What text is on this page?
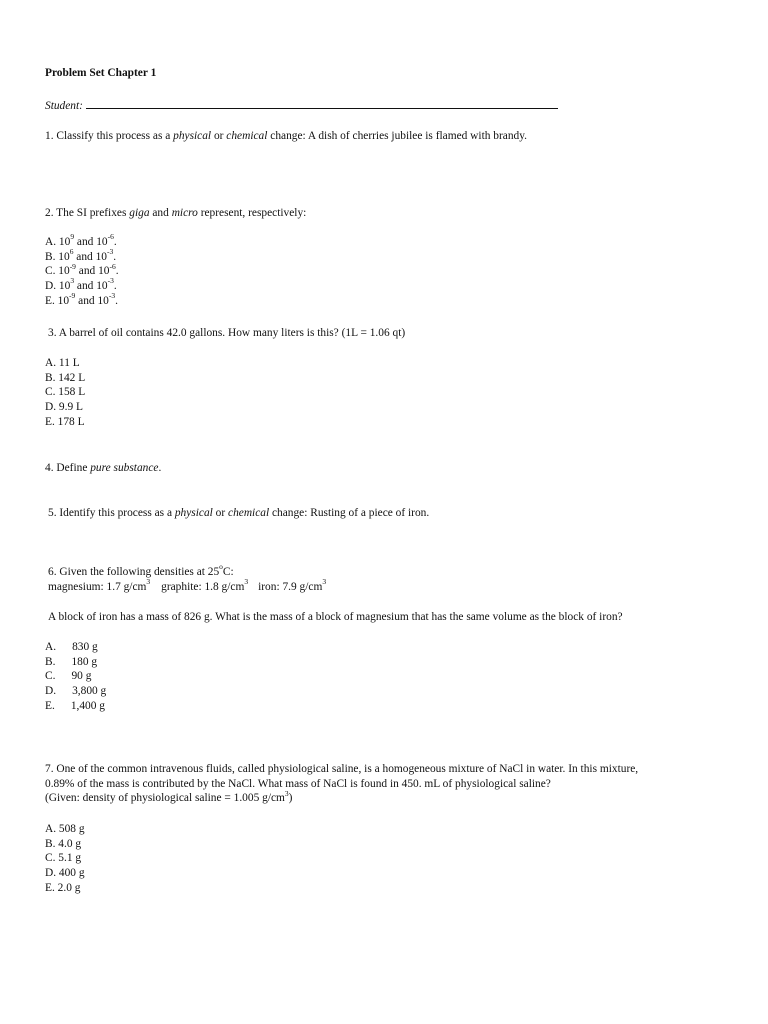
Problem Set Chapter 1
Student:
1. Classify this process as a physical or chemical change: A dish of cherries jubilee is flamed with brandy.
2. The SI prefixes giga and micro represent, respectively:
A. $10^9$ and $10^{-6}$.
B. $10^6$ and $10^{-3}$.
C. $10^{-9}$ and $10^{-6}$.
D. $10^3$ and $10^{-3}$.
E. $10^{-9}$ and $10^{-3}$.
3. A barrel of oil contains 42.0 gallons. How many liters is this? (1L = 1.06 qt)
A. 11 L
B. 142 L
C. 158 L
D. 9.9 L
E. 178 L
4. Define pure substance.
5. Identify this process as a physical or chemical change: Rusting of a piece of iron.
6. Given the following densities at 25$^o$C:
magnesium: 1.7 $g/cm^3$ graphite: 1.8 $g/cm^3$ iron: 7.9 $g/cm^3$
A block of iron has a mass of 826 g. What is the mass of a block of magnesium that has the same volume as the block of iron?
A. 830 g
B. 180 g
C. 90 g
D. 3,800 g
E. 1,400 g
7. One of the common intravenous fluids, called physiological saline, is a homogeneous mixture of NaCl in water. In this mixture,
0.89% of the mass is contributed by the NaCl. What mass of NaCl is found in 450. mL of physiological saline?
(Given: density of physiological saline = 1.005 $g/cm^3$)
A. 508 g
B. 4.0 g
C. 5.1 g
D. 400 g
E. 2.0 g
